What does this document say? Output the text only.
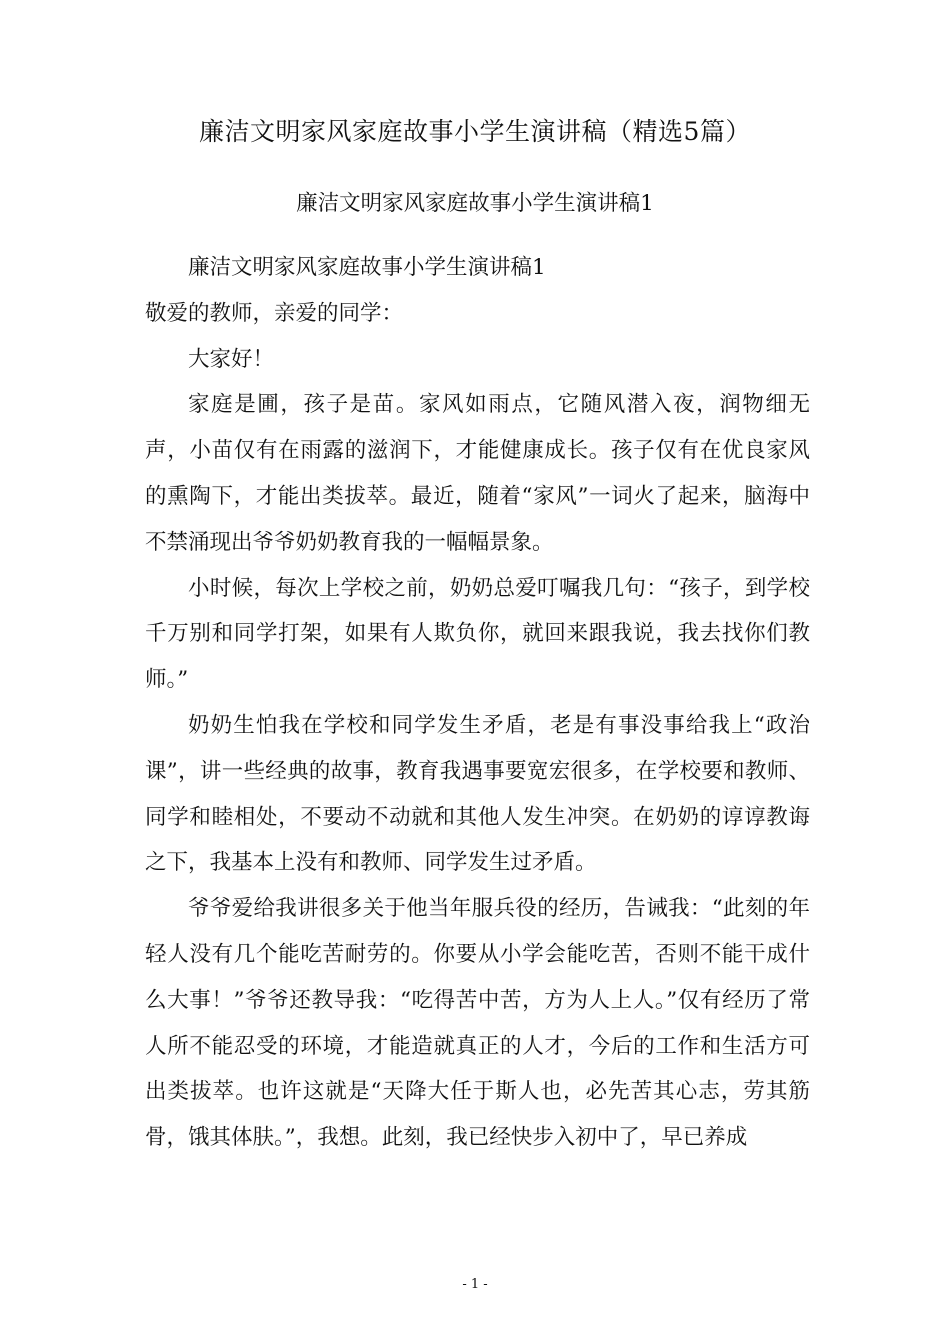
廉洁文明家风家庭故事小学生演讲稿（精选5篇）
廉洁文明家风家庭故事小学生演讲稿1

廉洁文明家风家庭故事小学生演讲稿1

敬爱的教师，亲爱的同学：

大家好！

家庭是圃，孩子是苗。家风如雨点，它随风潜入夜，润物细无声，小苗仅有在雨露的滋润下，才能健康成长。孩子仅有在优良家风的熏陶下，才能出类拔萃。最近，随着“家风”一词火了起来，脑海中不禁涌现出爷爷奶奶教育我的一幅幅景象。

小时候，每次上学校之前，奶奶总爱叮嘱我几句：“孩子，到学校千万别和同学打架，如果有人欺负你，就回来跟我说，我去找你们教师。”

奶奶生怕我在学校和同学发生矛盾，老是有事没事给我上“政治课”，讲一些经典的故事，教育我遇事要宽宏很多，在学校要和教师、同学和睦相处，不要动不动就和其他人发生冲突。在奶奶的谆谆教诲之下，我基本上没有和教师、同学发生过矛盾。

爷爷爱给我讲很多关于他当年服兵役的经历，告诫我：“此刻的年轻人没有几个能吃苦耐劳的。你要从小学会能吃苦，否则不能干成什么大事！”爷爷还教导我：“吃得苦中苦，方为人上人。”仅有经历了常人所不能忍受的环境，才能造就真正的人才，今后的工作和生活方可出类拔萃。也许这就是“天降大任于斯人也，必先苦其心志，劳其筋骨，饿其体肤。”，我想。此刻，我已经快步入初中了，早已养成

- 1 -
